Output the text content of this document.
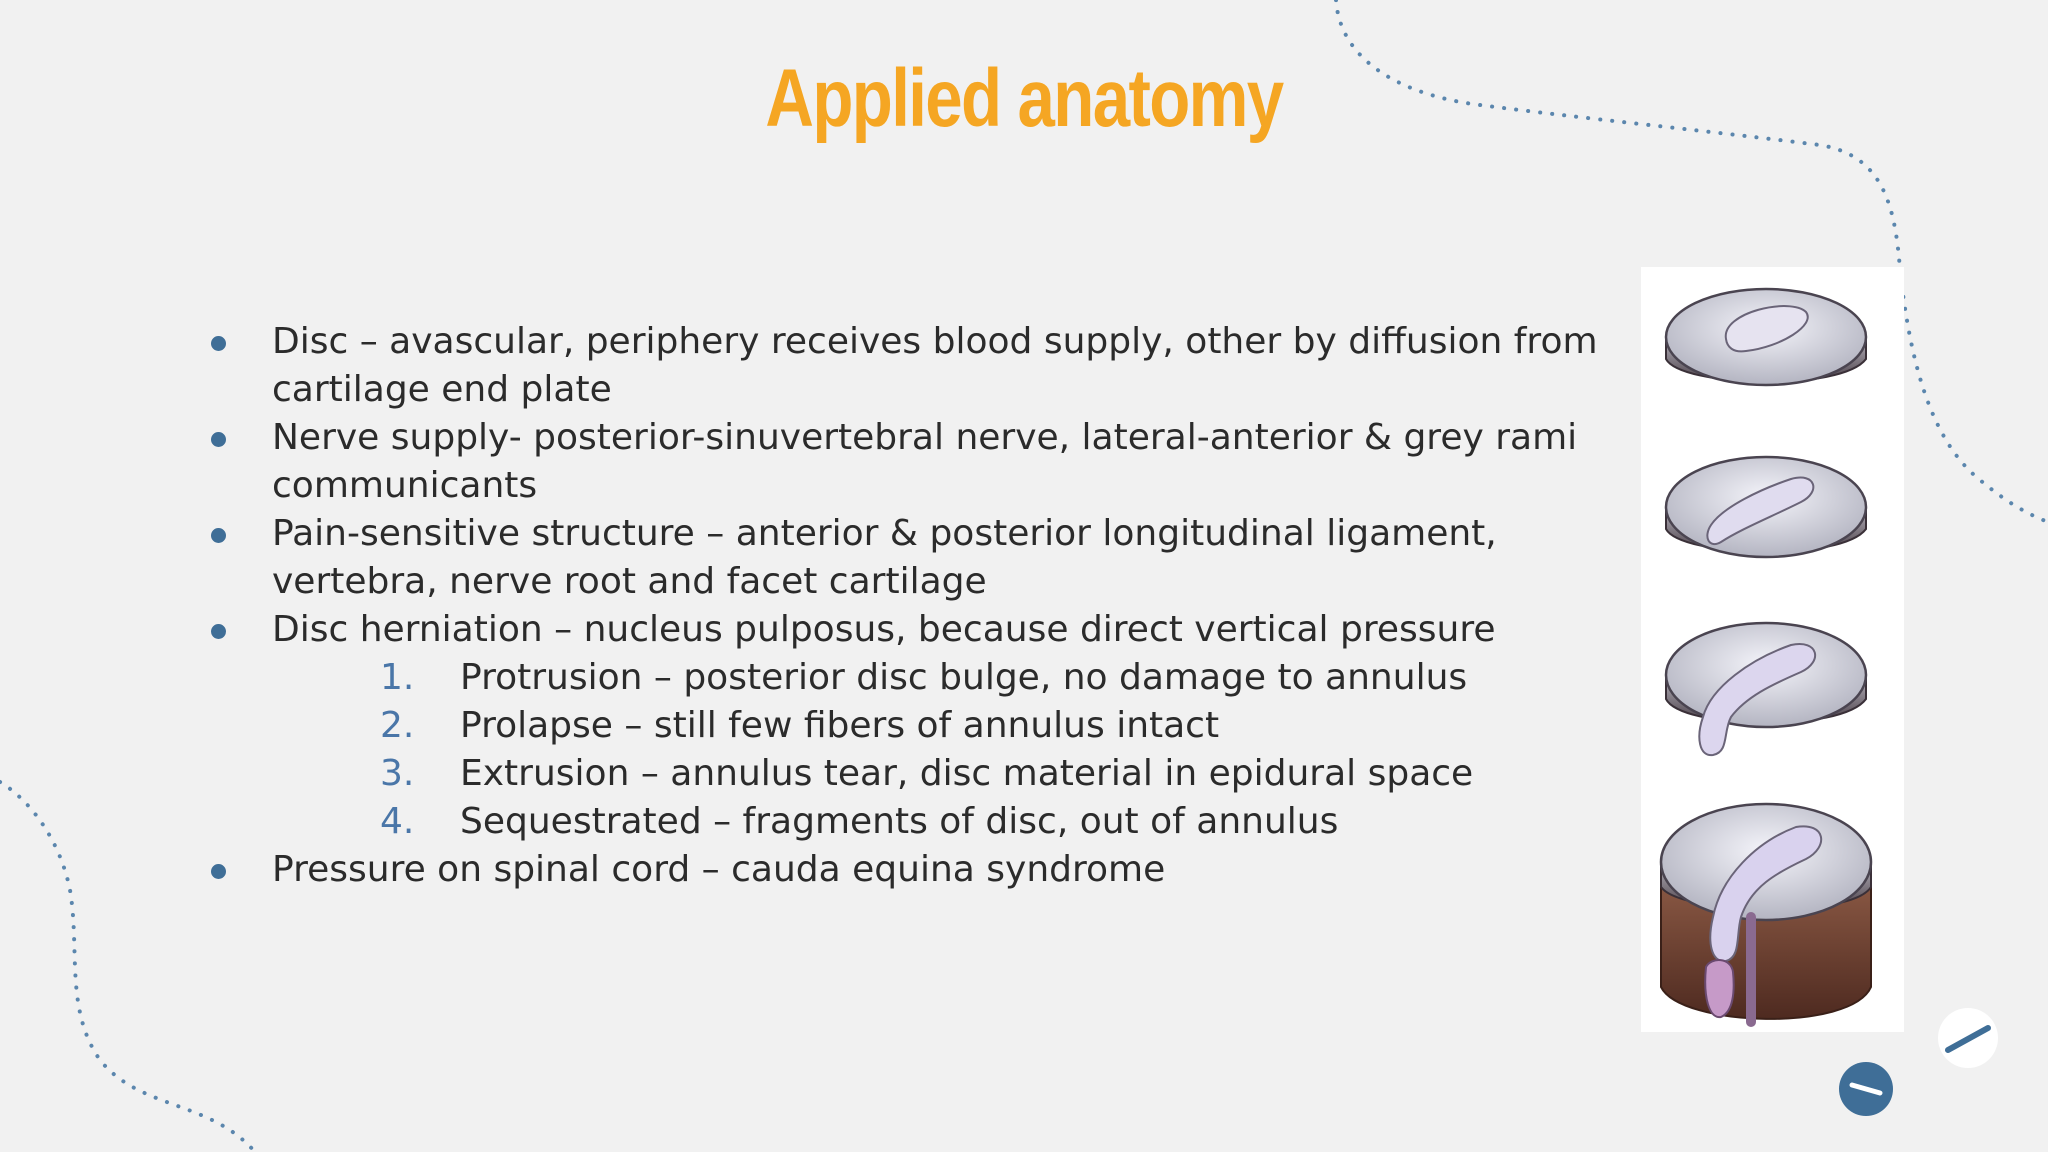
Applied anatomy
Disc – avascular, periphery receives blood supply, other by diffusion from cartilage end plate
Nerve supply- posterior-sinuvertebral nerve, lateral-anterior & grey rami communicants
Pain-sensitive structure – anterior & posterior longitudinal ligament, vertebra, nerve root and facet cartilage
Disc herniation – nucleus pulposus, because direct vertical pressure
1. Protrusion – posterior disc bulge, no damage to annulus
2. Prolapse – still few fibers of annulus intact
3. Extrusion – annulus tear, disc material in epidural space
4. Sequestrated – fragments of disc, out of annulus
Pressure on spinal cord – cauda equina syndrome
